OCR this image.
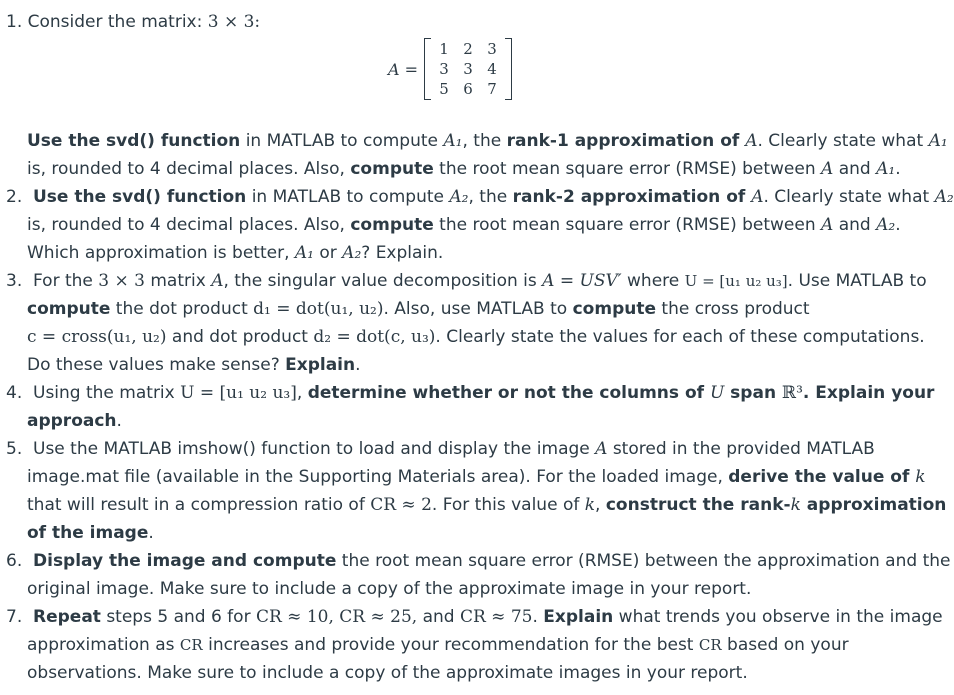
1. Consider the matrix: 3 × 3:
A =
1 2 3
3 3 4
5 6 7
Use the svd() function in MATLAB to compute A₁, the rank-1 approximation of A. Clearly state what A₁
is, rounded to 4 decimal places. Also, compute the root mean square error (RMSE) between A and A₁.
2. Use the svd() function in MATLAB to compute A₂, the rank-2 approximation of A. Clearly state what A₂
is, rounded to 4 decimal places. Also, compute the root mean square error (RMSE) between A and A₂.
Which approximation is better, A₁ or A₂? Explain.
3. For the 3 × 3 matrix A, the singular value decomposition is A = USV′ where U = [u₁ u₂ u₃]. Use MATLAB to
compute the dot product d₁ = dot(u₁, u₂). Also, use MATLAB to compute the cross product
c = cross(u₁, u₂) and dot product d₂ = dot(c, u₃). Clearly state the values for each of these computations.
Do these values make sense? Explain.
4. Using the matrix U = [u₁ u₂ u₃], determine whether or not the columns of U span ℝ³. Explain your
approach.
5. Use the MATLAB imshow() function to load and display the image A stored in the provided MATLAB
image.mat file (available in the Supporting Materials area). For the loaded image, derive the value of k
that will result in a compression ratio of CR ≈ 2. For this value of k, construct the rank-k approximation
of the image.
6. Display the image and compute the root mean square error (RMSE) between the approximation and the
original image. Make sure to include a copy of the approximate image in your report.
7. Repeat steps 5 and 6 for CR ≈ 10, CR ≈ 25, and CR ≈ 75. Explain what trends you observe in the image
approximation as CR increases and provide your recommendation for the best CR based on your
observations. Make sure to include a copy of the approximate images in your report.
